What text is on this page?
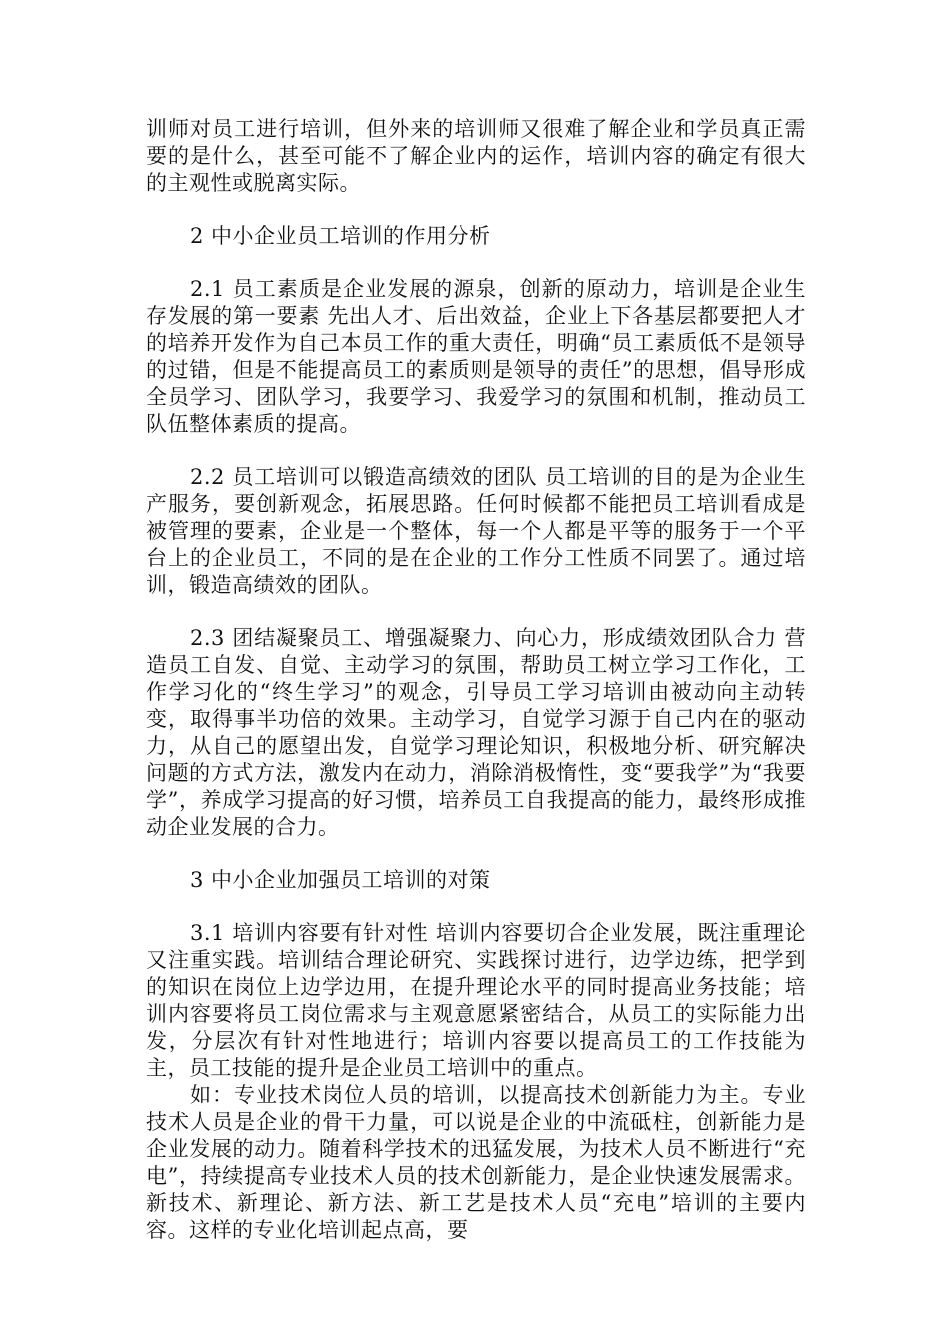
训师对员工进行培训，但外来的培训师又很难了解企业和学员真正需要的是什么，甚至可能不了解企业内的运作，培训内容的确定有很大的主观性或脱离实际。

2 中小企业员工培训的作用分析

2.1 员工素质是企业发展的源泉，创新的原动力，培训是企业生存发展的第一要素 先出人才、后出效益，企业上下各基层都要把人才的培养开发作为自己本员工作的重大责任，明确“员工素质低不是领导的过错，但是不能提高员工的素质则是领导的责任”的思想，倡导形成全员学习、团队学习，我要学习、我爱学习的氛围和机制，推动员工队伍整体素质的提高。

2.2 员工培训可以锻造高绩效的团队 员工培训的目的是为企业生产服务，要创新观念，拓展思路。任何时候都不能把员工培训看成是被管理的要素，企业是一个整体，每一个人都是平等的服务于一个平台上的企业员工，不同的是在企业的工作分工性质不同罢了。通过培训，锻造高绩效的团队。

2.3 团结凝聚员工、增强凝聚力、向心力，形成绩效团队合力 营造员工自发、自觉、主动学习的氛围，帮助员工树立学习工作化，工作学习化的“终生学习”的观念，引导员工学习培训由被动向主动转变，取得事半功倍的效果。主动学习，自觉学习源于自己内在的驱动力，从自己的愿望出发，自觉学习理论知识，积极地分析、研究解决问题的方式方法，激发内在动力，消除消极惰性，变“要我学”为“我要学”，养成学习提高的好习惯，培养员工自我提高的能力，最终形成推动企业发展的合力。

3 中小企业加强员工培训的对策

3.1 培训内容要有针对性 培训内容要切合企业发展，既注重理论又注重实践。培训结合理论研究、实践探讨进行，边学边练，把学到的知识在岗位上边学边用，在提升理论水平的同时提高业务技能；培训内容要将员工岗位需求与主观意愿紧密结合，从员工的实际能力出发，分层次有针对性地进行；培训内容要以提高员工的工作技能为主，员工技能的提升是企业员工培训中的重点。

如：专业技术岗位人员的培训，以提高技术创新能力为主。专业技术人员是企业的骨干力量，可以说是企业的中流砥柱，创新能力是企业发展的动力。随着科学技术的迅猛发展，为技术人员不断进行“充电”，持续提高专业技术人员的技术创新能力，是企业快速发展需求。新技术、新理论、新方法、新工艺是技术人员“充电”培训的主要内容。这样的专业化培训起点高，要
